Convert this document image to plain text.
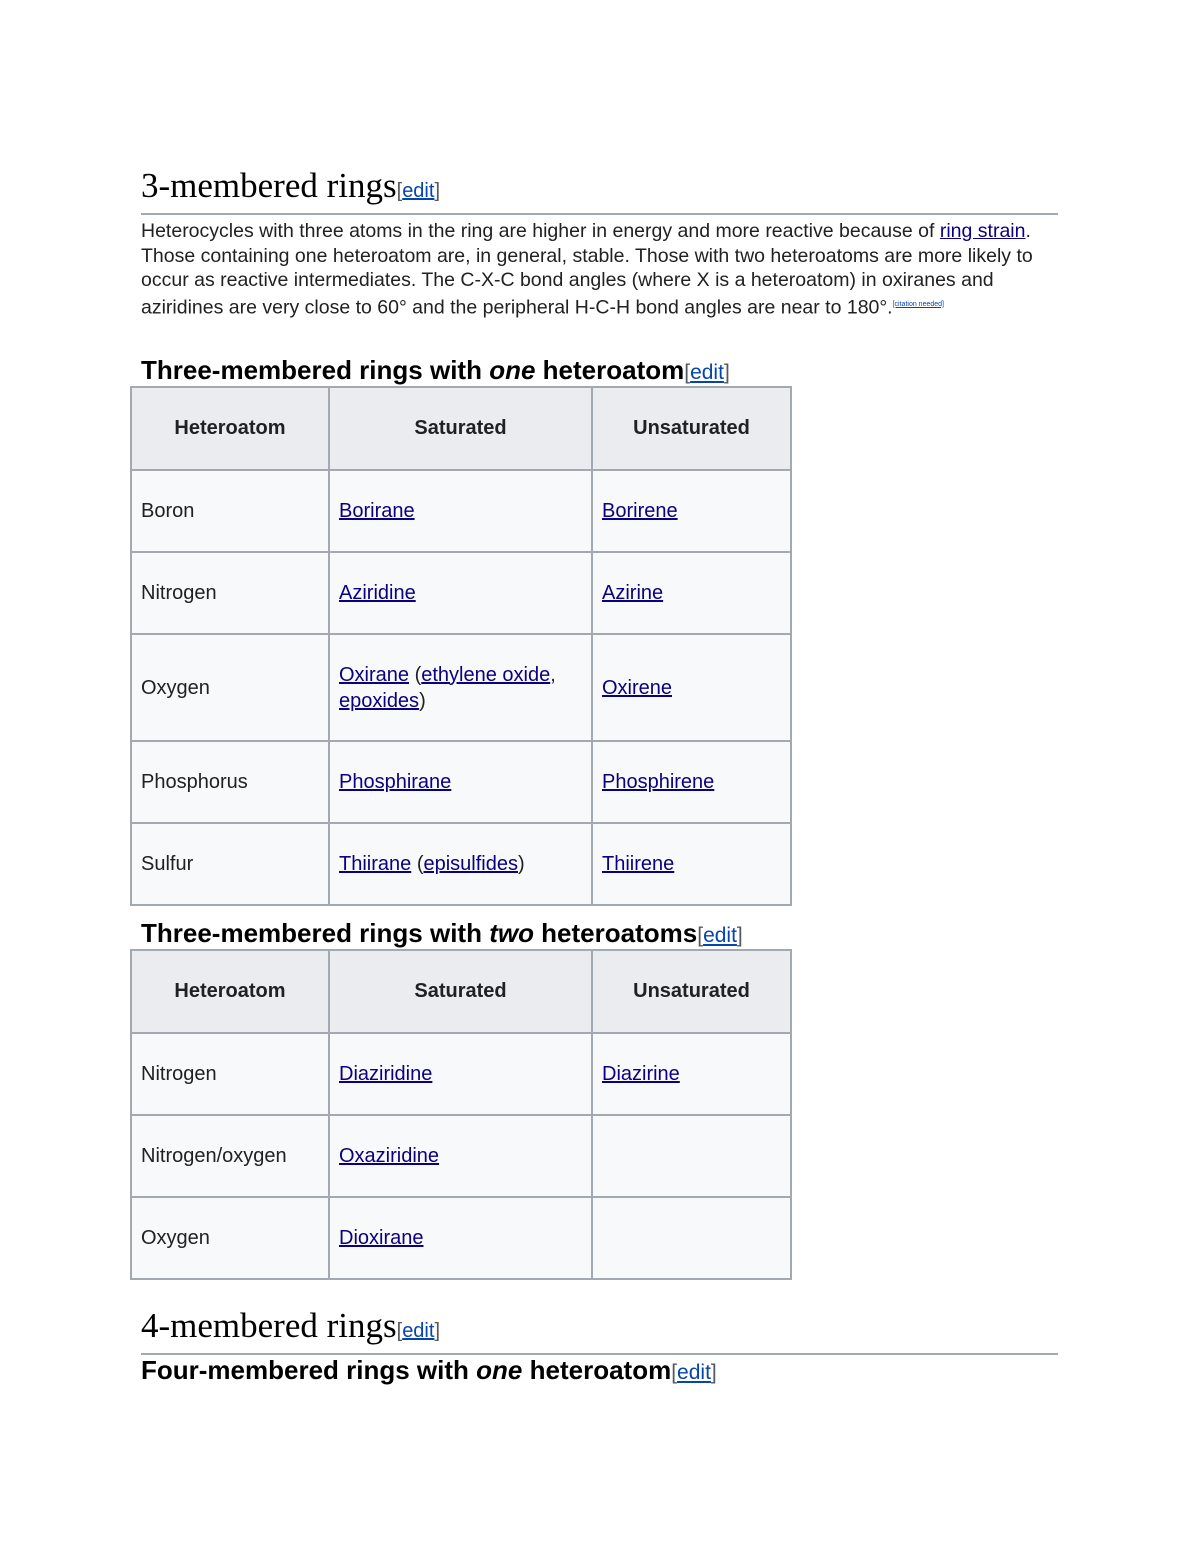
3-membered rings[edit]
Heterocycles with three atoms in the ring are higher in energy and more reactive because of ring strain. Those containing one heteroatom are, in general, stable. Those with two heteroatoms are more likely to occur as reactive intermediates. The C-X-C bond angles (where X is a heteroatom) in oxiranes and aziridines are very close to 60° and the peripheral H-C-H bond angles are near to 180°.[citation needed]
Three-membered rings with one heteroatom[edit]
Heteroatom	Saturated	Unsaturated
Boron	Borirane	Borirene
Nitrogen	Aziridine	Azirine
Oxygen	Oxirane (ethylene oxide, epoxides)	Oxirene
Phosphorus	Phosphirane	Phosphirene
Sulfur	Thiirane (episulfides)	Thiirene
Three-membered rings with two heteroatoms[edit]
Heteroatom	Saturated	Unsaturated
Nitrogen	Diaziridine	Diazirine
Nitrogen/oxygen	Oxaziridine	
Oxygen	Dioxirane	
4-membered rings[edit]
Four-membered rings with one heteroatom[edit]
